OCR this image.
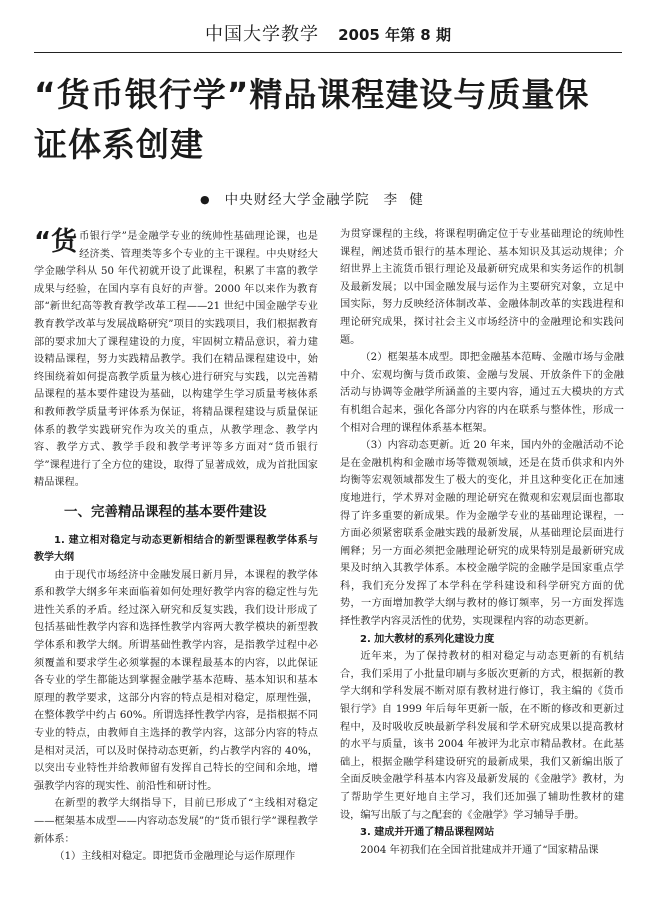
中国大学教学 2005 年第 8 期
“货币银行学”精品课程建设与质量保证体系创建
● 中央财经大学金融学院 李 健

“货币银行学”是金融学专业的统帅性基础理论课，也是经济类、管理类等多个专业的主干课程。中央财经大学金融学科从 50 年代初就开设了此课程，积累了丰富的教学成果与经验，在国内享有良好的声誉。2000 年以来作为教育部“新世纪高等教育教学改革工程——21 世纪中国金融学专业教育教学改革与发展战略研究”项目的实践项目，我们根据教育部的要求加大了课程建设的力度，牢固树立精品意识，着力建设精品课程，努力实践精品教学。我们在精品课程建设中，始终围绕着如何提高教学质量为核心进行研究与实践，以完善精品课程的基本要件建设为基础，以构建学生学习质量考核体系和教师教学质量考评体系为保证，将精品课程建设与质量保证体系的教学实践研究作为攻关的重点，从教学理念、教学内容、教学方式、教学手段和教学考评等多方面对“货币银行学”课程进行了全方位的建设，取得了显著成效，成为首批国家精品课程。

一、完善精品课程的基本要件建设

1. 建立相对稳定与动态更新相结合的新型课程教学体系与教学大纲

由于现代市场经济中金融发展日新月异，本课程的教学体系和教学大纲多年来面临着如何处理好教学内容的稳定性与先进性关系的矛盾。经过深入研究和反复实践，我们设计形成了包括基础性教学内容和选择性教学内容两大教学模块的新型教学体系和教学大纲。所谓基础性教学内容，是指教学过程中必须覆盖和要求学生必须掌握的本课程最基本的内容，以此保证各专业的学生都能达到掌握金融学基本范畴、基本知识和基本原理的教学要求，这部分内容的特点是相对稳定，原理性强，在整体教学中约占 60%。所谓选择性教学内容，是指根据不同专业的特点，由教师自主选择的教学内容，这部分内容的特点是相对灵活，可以及时保持动态更新，约占教学内容的 40%，以突出专业特性并给教师留有发挥自己特长的空间和余地，增强教学内容的现实性、前沿性和研讨性。

在新型的教学大纲指导下，目前已形成了“主线相对稳定——框架基本成型——内容动态发展”的“货币银行学”课程教学新体系：

（1）主线相对稳定。即把货币金融理论与运作原理作

为贯穿课程的主线，将课程明确定位于专业基础理论的统帅性课程，阐述货币银行的基本理论、基本知识及其运动规律；介绍世界上主流货币银行理论及最新研究成果和实务运作的机制及最新发展；以中国金融发展与运作为主要研究对象，立足中国实际，努力反映经济体制改革、金融体制改革的实践进程和理论研究成果，探讨社会主义市场经济中的金融理论和实践问题。

（2）框架基本成型。即把金融基本范畴、金融市场与金融中介、宏观均衡与货币政策、金融与发展、开放条件下的金融活动与协调等金融学所涵盖的主要内容，通过五大模块的方式有机组合起来，强化各部分内容的内在联系与整体性，形成一个相对合理的课程体系基本框架。

（3）内容动态更新。近 20 年来，国内外的金融活动不论是在金融机构和金融市场等微观领域，还是在货币供求和内外均衡等宏观领域都发生了极大的变化，并且这种变化正在加速度地进行，学术界对金融的理论研究在微观和宏观层面也都取得了许多重要的新成果。作为金融学专业的基础理论课程，一方面必须紧密联系金融实践的最新发展，从基础理论层面进行阐释；另一方面必须把金融理论研究的成果特别是最新研究成果及时纳入其教学体系。本校金融学院的金融学是国家重点学科，我们充分发挥了本学科在学科建设和科学研究方面的优势，一方面增加教学大纲与教材的修订频率，另一方面发挥选择性教学内容灵活性的优势，实现课程内容的动态更新。

2. 加大教材的系列化建设力度

近年来，为了保持教材的相对稳定与动态更新的有机结合，我们采用了小批量印刷与多版次更新的方式，根据新的教学大纲和学科发展不断对原有教材进行修订，我主编的《货币银行学》自 1999 年后每年更新一版，在不断的修改和更新过程中，及时吸收反映最新学科发展和学术研究成果以提高教材的水平与质量，该书 2004 年被评为北京市精品教材。在此基础上，根据金融学科建设研究的最新成果，我们又新编出版了全面反映金融学科基本内容及最新发展的《金融学》教材，为了帮助学生更好地自主学习，我们还加强了辅助性教材的建设，编写出版了与之配套的《金融学》学习辅导手册。

3. 建成并开通了精品课程网站

2004 年初我们在全国首批建成并开通了“国家精品课
